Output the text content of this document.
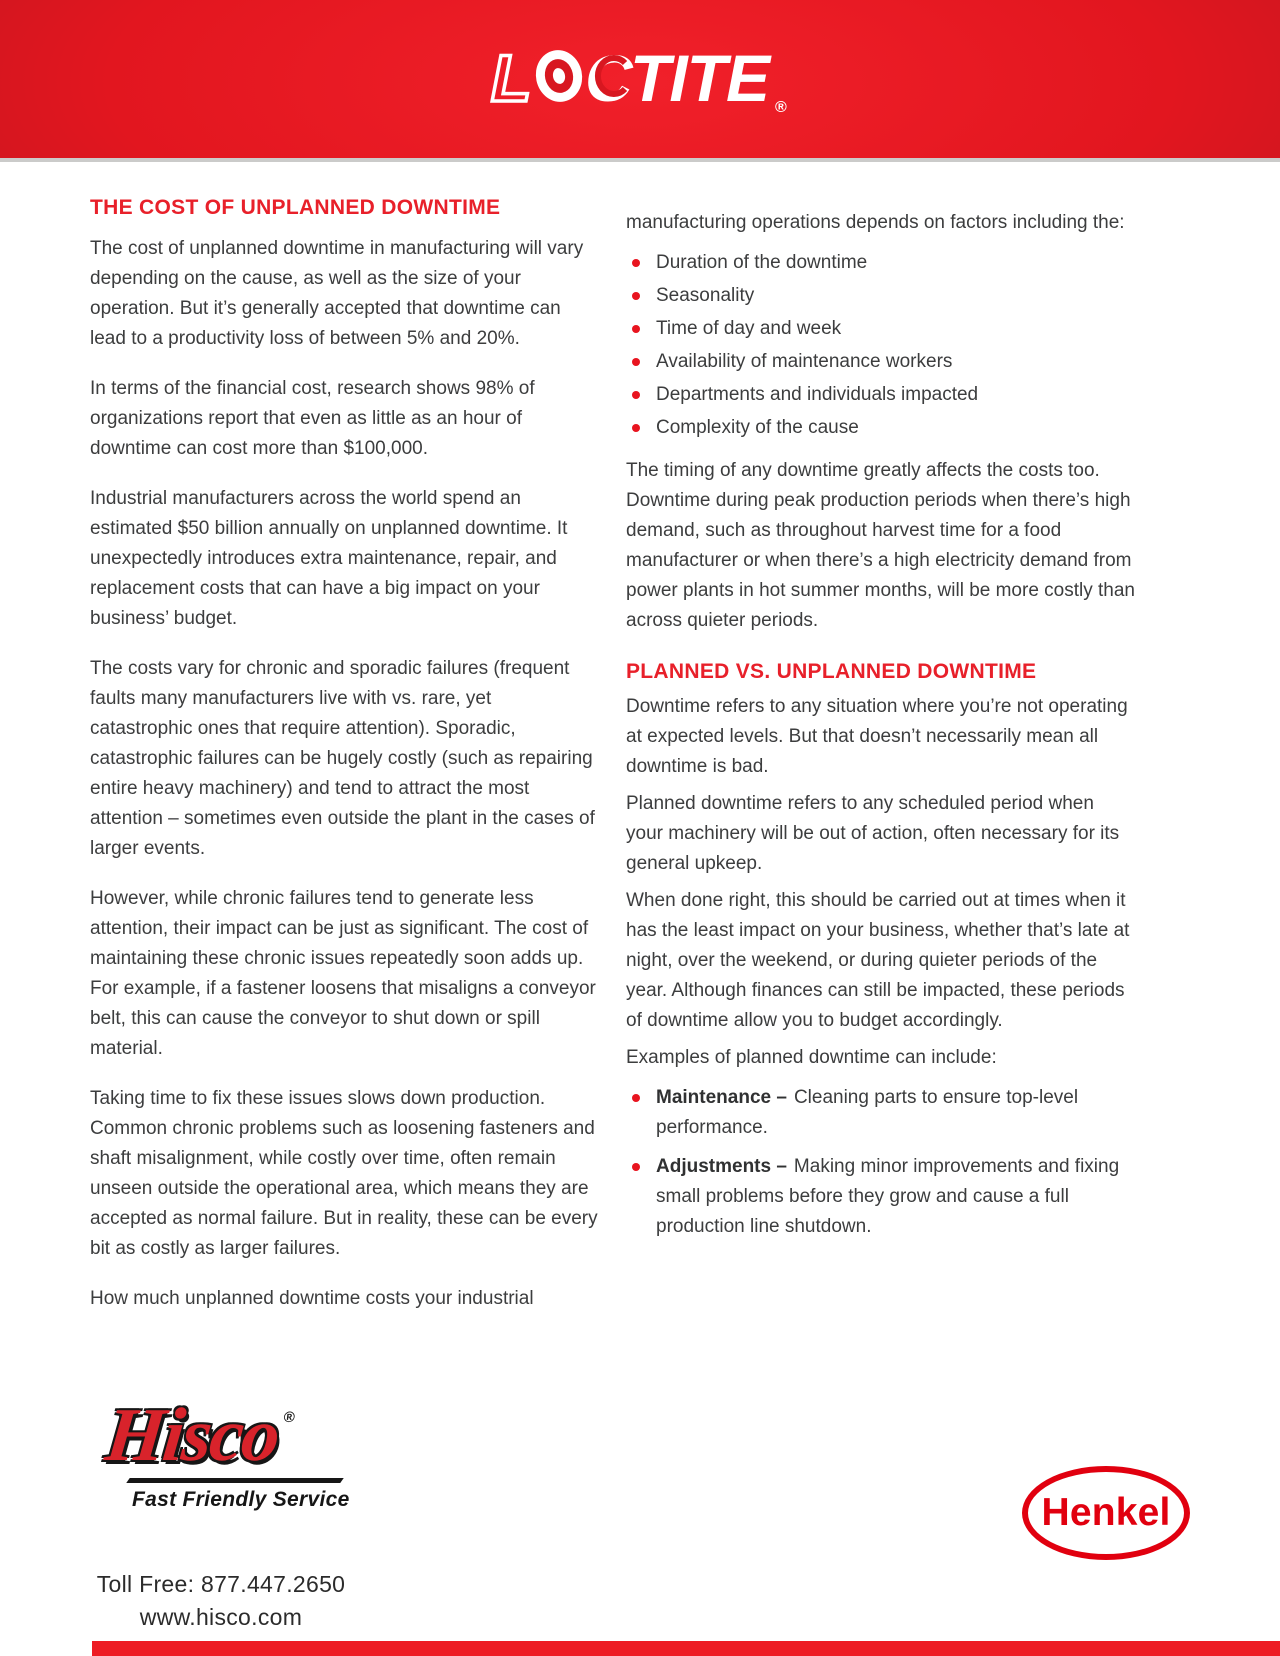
L C
TITE ®
THE COST OF UNPLANNED DOWNTIME

The cost of unplanned downtime in manufacturing will vary depending on the cause, as well as the size of your operation. But it’s generally accepted that downtime can lead to a productivity loss of between 5% and 20%.

In terms of the financial cost, research shows 98% of organizations report that even as little as an hour of downtime can cost more than $100,000.

Industrial manufacturers across the world spend an estimated $50 billion annually on unplanned downtime. It unexpectedly introduces extra maintenance, repair, and replacement costs that can have a big impact on your business’ budget.

The costs vary for chronic and sporadic failures (frequent faults many manufacturers live with vs. rare, yet catastrophic ones that require attention). Sporadic, catastrophic failures can be hugely costly (such as repairing entire heavy machinery) and tend to attract the most attention – sometimes even outside the plant in the cases of larger events.

However, while chronic failures tend to generate less attention, their impact can be just as significant. The cost of maintaining these chronic issues repeatedly soon adds up. For example, if a fastener loosens that misaligns a conveyor belt, this can cause the conveyor to shut down or spill material.

Taking time to fix these issues slows down production. Common chronic problems such as loosening fasteners and shaft misalignment, while costly over time, often remain unseen outside the operational area, which means they are accepted as normal failure. But in reality, these can be every bit as costly as larger failures.

How much unplanned downtime costs your industrial

manufacturing operations depends on factors including the:

Duration of the downtime
Seasonality
Time of day and week
Availability of maintenance workers
Departments and individuals impacted
Complexity of the cause

The timing of any downtime greatly affects the costs too. Downtime during peak production periods when there’s high demand, such as throughout harvest time for a food manufacturer or when there’s a high electricity demand from power plants in hot summer months, will be more costly than across quieter periods.

PLANNED VS. UNPLANNED DOWNTIME

Downtime refers to any situation where you’re not operating at expected levels. But that doesn’t necessarily mean all downtime is bad.

Planned downtime refers to any scheduled period when your machinery will be out of action, often necessary for its general upkeep.

When done right, this should be carried out at times when it has the least impact on your business, whether that’s late at night, over the weekend, or during quieter periods of the year. Although finances can still be impacted, these periods of downtime allow you to budget accordingly.

Examples of planned downtime can include:

Maintenance – Cleaning parts to ensure top-level performance.
Adjustments – Making minor improvements and fixing small problems before they grow and cause a full production line shutdown.
Hisco®
Fast Friendly Service
Toll Free: 877.447.2650
www.hisco.com
Henkel
